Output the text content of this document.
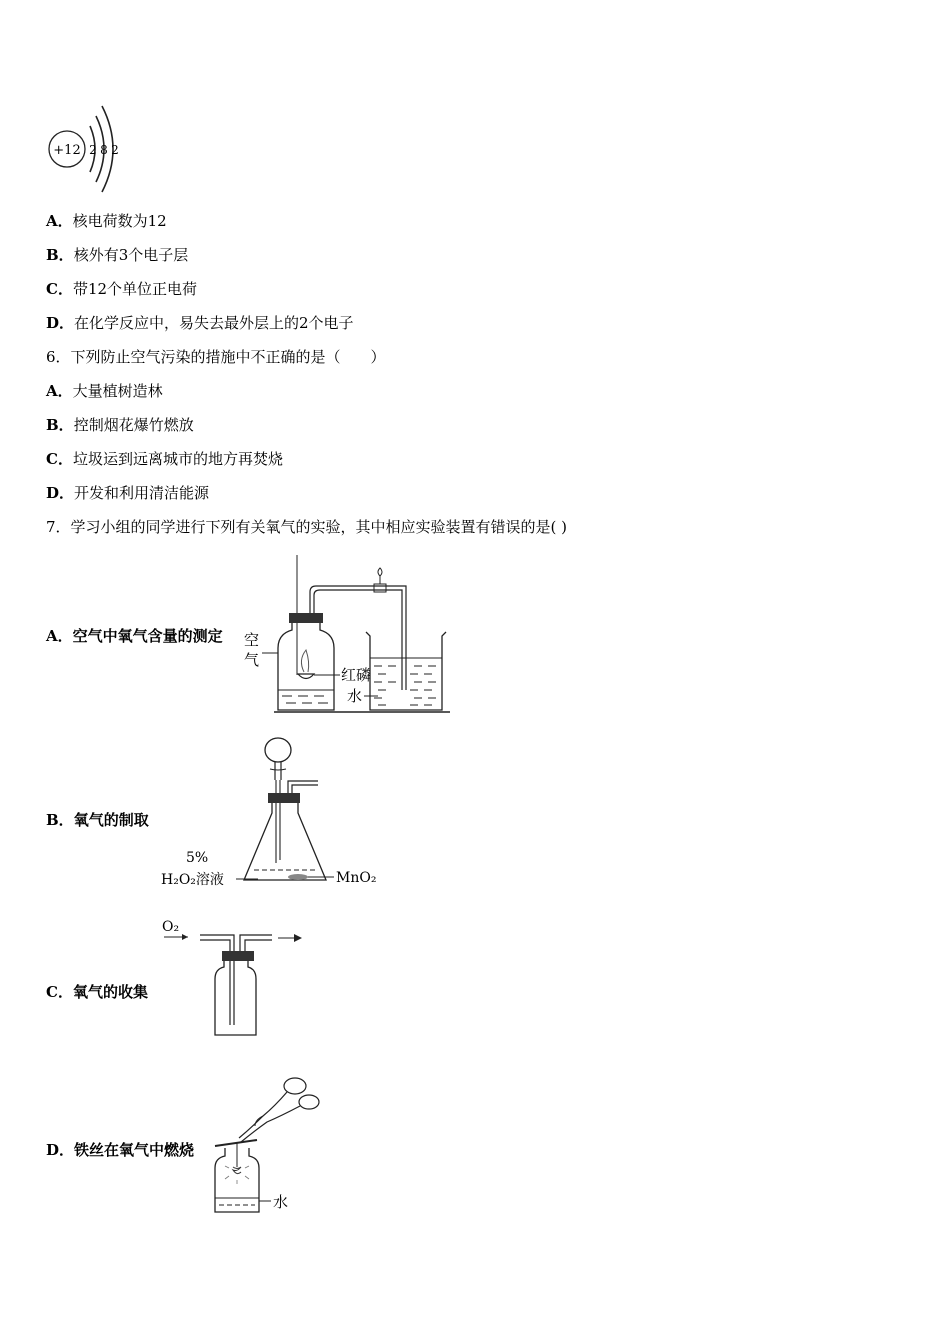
+12 2 8 2
A．核电荷数为12
B．核外有3个电子层
C．带12个单位正电荷
D．在化学反应中，易失去最外层上的2个电子
6．下列防止空气污染的措施中不正确的是（　　）
A．大量植树造林
B．控制烟花爆竹燃放
C．垃圾运到远离城市的地方再焚烧
D．开发和利用清洁能源
7．学习小组的同学进行下列有关氧气的实验，其中相应实验装置有错误的是( )
A．空气中氧气含量的测定
B．氧气的制取
C．氧气的收集
D．铁丝在氧气中燃烧
红磷
空
气
水
5%
H₂O₂溶液	MnO₂
O₂
水
